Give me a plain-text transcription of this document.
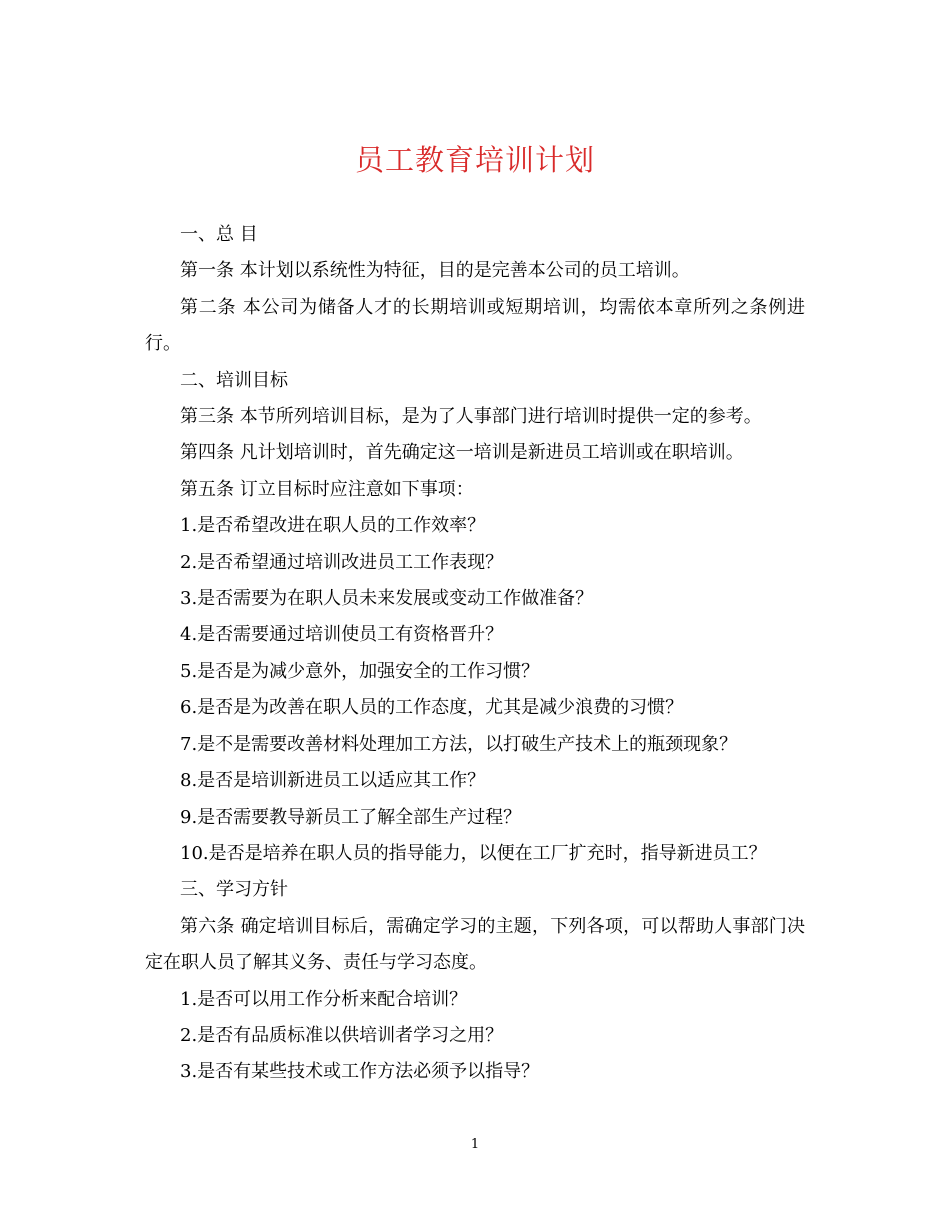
员工教育培训计划

一、总 目

第一条 本计划以系统性为特征，目的是完善本公司的员工培训。

第二条 本公司为储备人才的长期培训或短期培训，均需依本章所列之条例进行。

二、培训目标

第三条 本节所列培训目标，是为了人事部门进行培训时提供一定的参考。

第四条 凡计划培训时，首先确定这一培训是新进员工培训或在职培训。

第五条 订立目标时应注意如下事项：

1.是否希望改进在职人员的工作效率？

2.是否希望通过培训改进员工工作表现？

3.是否需要为在职人员未来发展或变动工作做准备？

4.是否需要通过培训使员工有资格晋升？

5.是否是为减少意外，加强安全的工作习惯？

6.是否是为改善在职人员的工作态度，尤其是减少浪费的习惯？

7.是不是需要改善材料处理加工方法，以打破生产技术上的瓶颈现象？

8.是否是培训新进员工以适应其工作？

9.是否需要教导新员工了解全部生产过程？

10.是否是培养在职人员的指导能力，以便在工厂扩充时，指导新进员工？

三、学习方针

第六条 确定培训目标后，需确定学习的主题，下列各项，可以帮助人事部门决定在职人员了解其义务、责任与学习态度。

1.是否可以用工作分析来配合培训？

2.是否有品质标准以供培训者学习之用？

3.是否有某些技术或工作方法必须予以指导？

1
